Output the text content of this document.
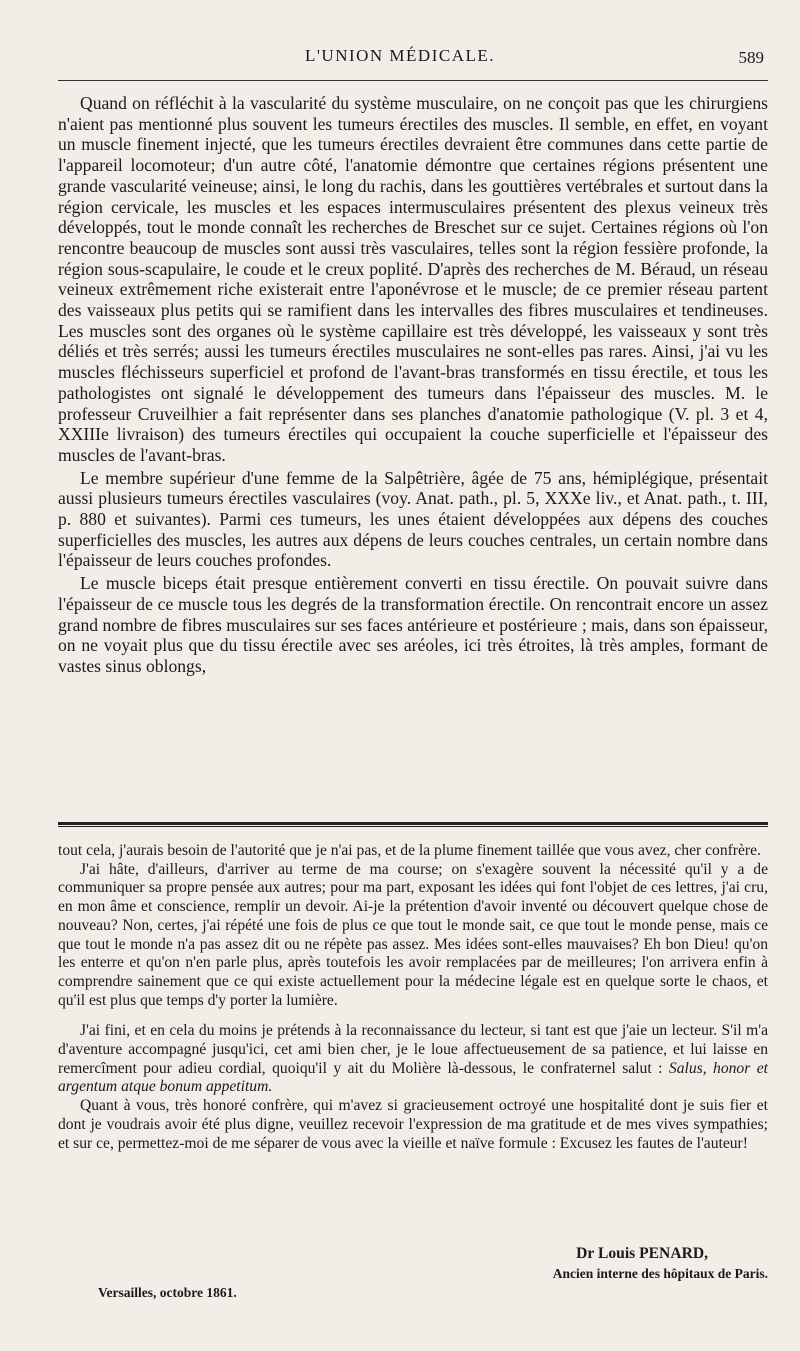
L'UNION MÉDICALE.	589

Quand on réfléchit à la vascularité du système musculaire, on ne conçoit pas que les chirurgiens n'aient pas mentionné plus souvent les tumeurs érectiles des muscles. Il semble, en effet, en voyant un muscle finement injecté, que les tumeurs érectiles devraient être communes dans cette partie de l'appareil locomoteur; d'un autre côté, l'anatomie démontre que certaines régions présentent une grande vascularité veineuse; ainsi, le long du rachis, dans les gouttières vertébrales et surtout dans la région cervicale, les muscles et les espaces intermusculaires présentent des plexus veineux très développés, tout le monde connaît les recherches de Breschet sur ce sujet. Certaines régions où l'on rencontre beaucoup de muscles sont aussi très vasculaires, telles sont la région fessière profonde, la région sous-scapulaire, le coude et le creux poplité. D'après des recherches de M. Béraud, un réseau veineux extrêmement riche existerait entre l'aponévrose et le muscle; de ce premier réseau partent des vaisseaux plus petits qui se ramifient dans les intervalles des fibres musculaires et tendineuses. Les muscles sont des organes où le système capillaire est très développé, les vaisseaux y sont très déliés et très serrés; aussi les tumeurs érectiles musculaires ne sont-elles pas rares. Ainsi, j'ai vu les muscles fléchisseurs superficiel et profond de l'avant-bras transformés en tissu érectile, et tous les pathologistes ont signalé le développement des tumeurs dans l'épaisseur des muscles. M. le professeur Cruveilhier a fait représenter dans ses planches d'anatomie pathologique (V. pl. 3 et 4, XXIIIe livraison) des tumeurs érectiles qui occupaient la couche superficielle et l'épaisseur des muscles de l'avant-bras.

Le membre supérieur d'une femme de la Salpêtrière, âgée de 75 ans, hémiplégique, présentait aussi plusieurs tumeurs érectiles vasculaires (voy. Anat. path., pl. 5, XXXe liv., et Anat. path., t. III, p. 880 et suivantes). Parmi ces tumeurs, les unes étaient développées aux dépens des couches superficielles des muscles, les autres aux dépens de leurs couches centrales, un certain nombre dans l'épaisseur de leurs couches profondes.

Le muscle biceps était presque entièrement converti en tissu érectile. On pouvait suivre dans l'épaisseur de ce muscle tous les degrés de la transformation érectile. On rencontrait encore un assez grand nombre de fibres musculaires sur ses faces antérieure et postérieure ; mais, dans son épaisseur, on ne voyait plus que du tissu érectile avec ses aréoles, ici très étroites, là très amples, formant de vastes sinus oblongs,

tout cela, j'aurais besoin de l'autorité que je n'ai pas, et de la plume finement taillée que vous avez, cher confrère.

J'ai hâte, d'ailleurs, d'arriver au terme de ma course; on s'exagère souvent la nécessité qu'il y a de communiquer sa propre pensée aux autres; pour ma part, exposant les idées qui font l'objet de ces lettres, j'ai cru, en mon âme et conscience, remplir un devoir. Ai-je la prétention d'avoir inventé ou découvert quelque chose de nouveau? Non, certes, j'ai répété une fois de plus ce que tout le monde sait, ce que tout le monde pense, mais ce que tout le monde n'a pas assez dit ou ne répète pas assez. Mes idées sont-elles mauvaises? Eh bon Dieu! qu'on les enterre et qu'on n'en parle plus, après toutefois les avoir remplacées par de meilleures; l'on arrivera enfin à comprendre sainement que ce qui existe actuellement pour la médecine légale est en quelque sorte le chaos, et qu'il est plus que temps d'y porter la lumière.

J'ai fini, et en cela du moins je prétends à la reconnaissance du lecteur, si tant est que j'aie un lecteur. S'il m'a d'aventure accompagné jusqu'ici, cet ami bien cher, je le loue affectueusement de sa patience, et lui laisse en remercîment pour adieu cordial, quoiqu'il y ait du Molière là-dessous, le confraternel salut : Salus, honor et argentum atque bonum appetitum.

Quant à vous, très honoré confrère, qui m'avez si gracieusement octroyé une hospitalité dont je suis fier et dont je voudrais avoir été plus digne, veuillez recevoir l'expression de ma gratitude et de mes vives sympathies; et sur ce, permettez-moi de me séparer de vous avec la vieille et naïve formule : Excusez les fautes de l'auteur!

Dr Louis PENARD,
Ancien interne des hôpitaux de Paris.
Versailles, octobre 1861.
